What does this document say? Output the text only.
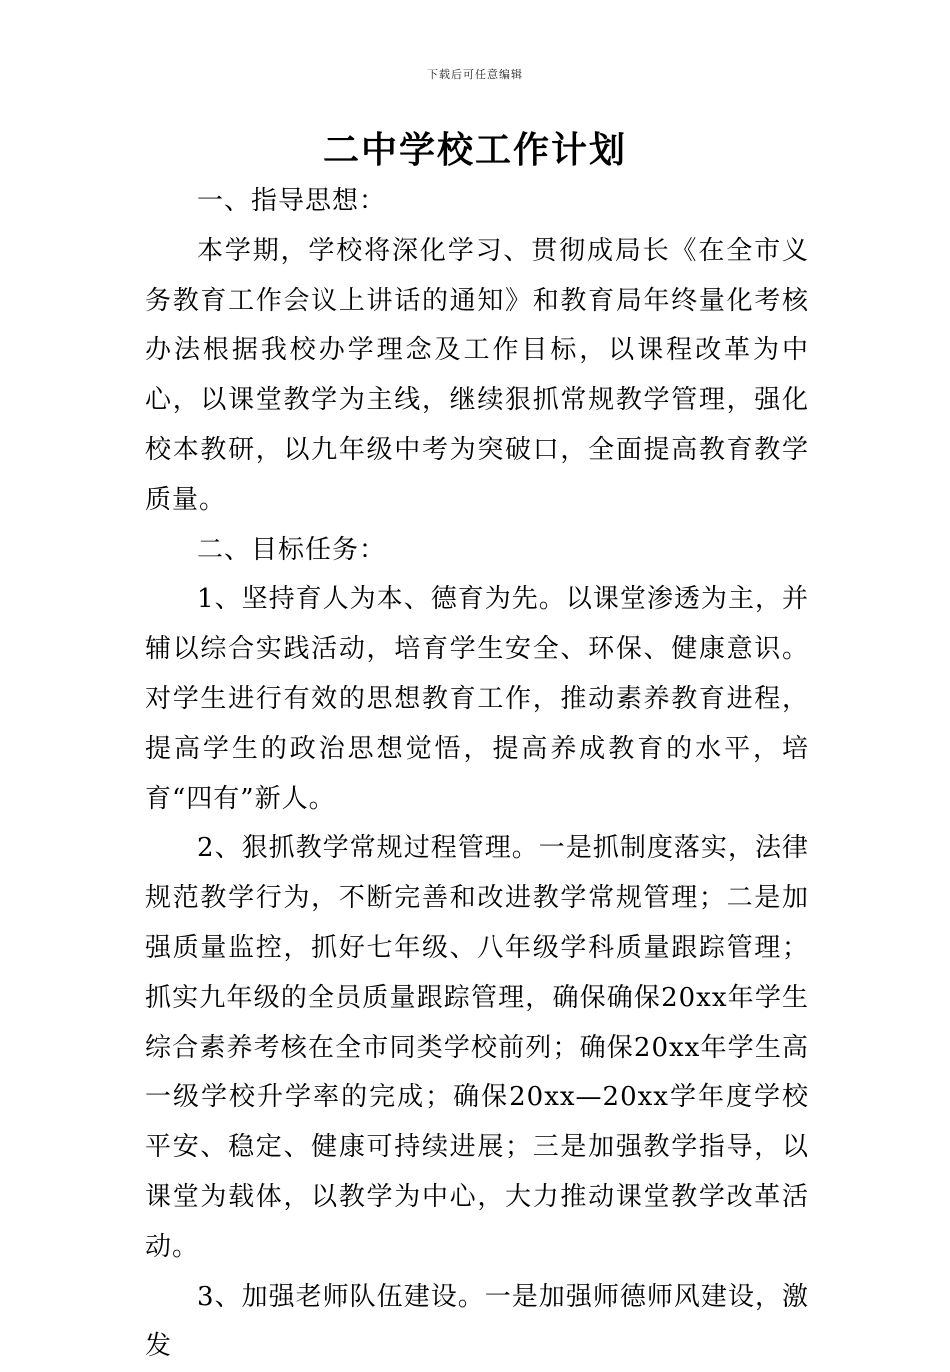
下载后可任意编辑
二中学校工作计划

一、指导思想：

本学期，学校将深化学习、贯彻成局长《在全市义务教育工作会议上讲话的通知》和教育局年终量化考核办法根据我校办学理念及工作目标，以课程改革为中心，以课堂教学为主线，继续狠抓常规教学管理，强化校本教研，以九年级中考为突破口，全面提高教育教学质量。

二、目标任务：

1、坚持育人为本、德育为先。以课堂渗透为主，并辅以综合实践活动，培育学生安全、环保、健康意识。对学生进行有效的思想教育工作，推动素养教育进程，提高学生的政治思想觉悟，提高养成教育的水平，培育“四有”新人。

2、狠抓教学常规过程管理。一是抓制度落实，法律规范教学行为，不断完善和改进教学常规管理；二是加强质量监控，抓好七年级、八年级学科质量跟踪管理；抓实九年级的全员质量跟踪管理，确保确保20xx年学生综合素养考核在全市同类学校前列；确保20xx年学生高一级学校升学率的完成；确保20xx—20xx学年度学校平安、稳定、健康可持续进展；三是加强教学指导，以课堂为载体，以教学为中心，大力推动课堂教学改革活动。

3、加强老师队伍建设。一是加强师德师风建设，激发
